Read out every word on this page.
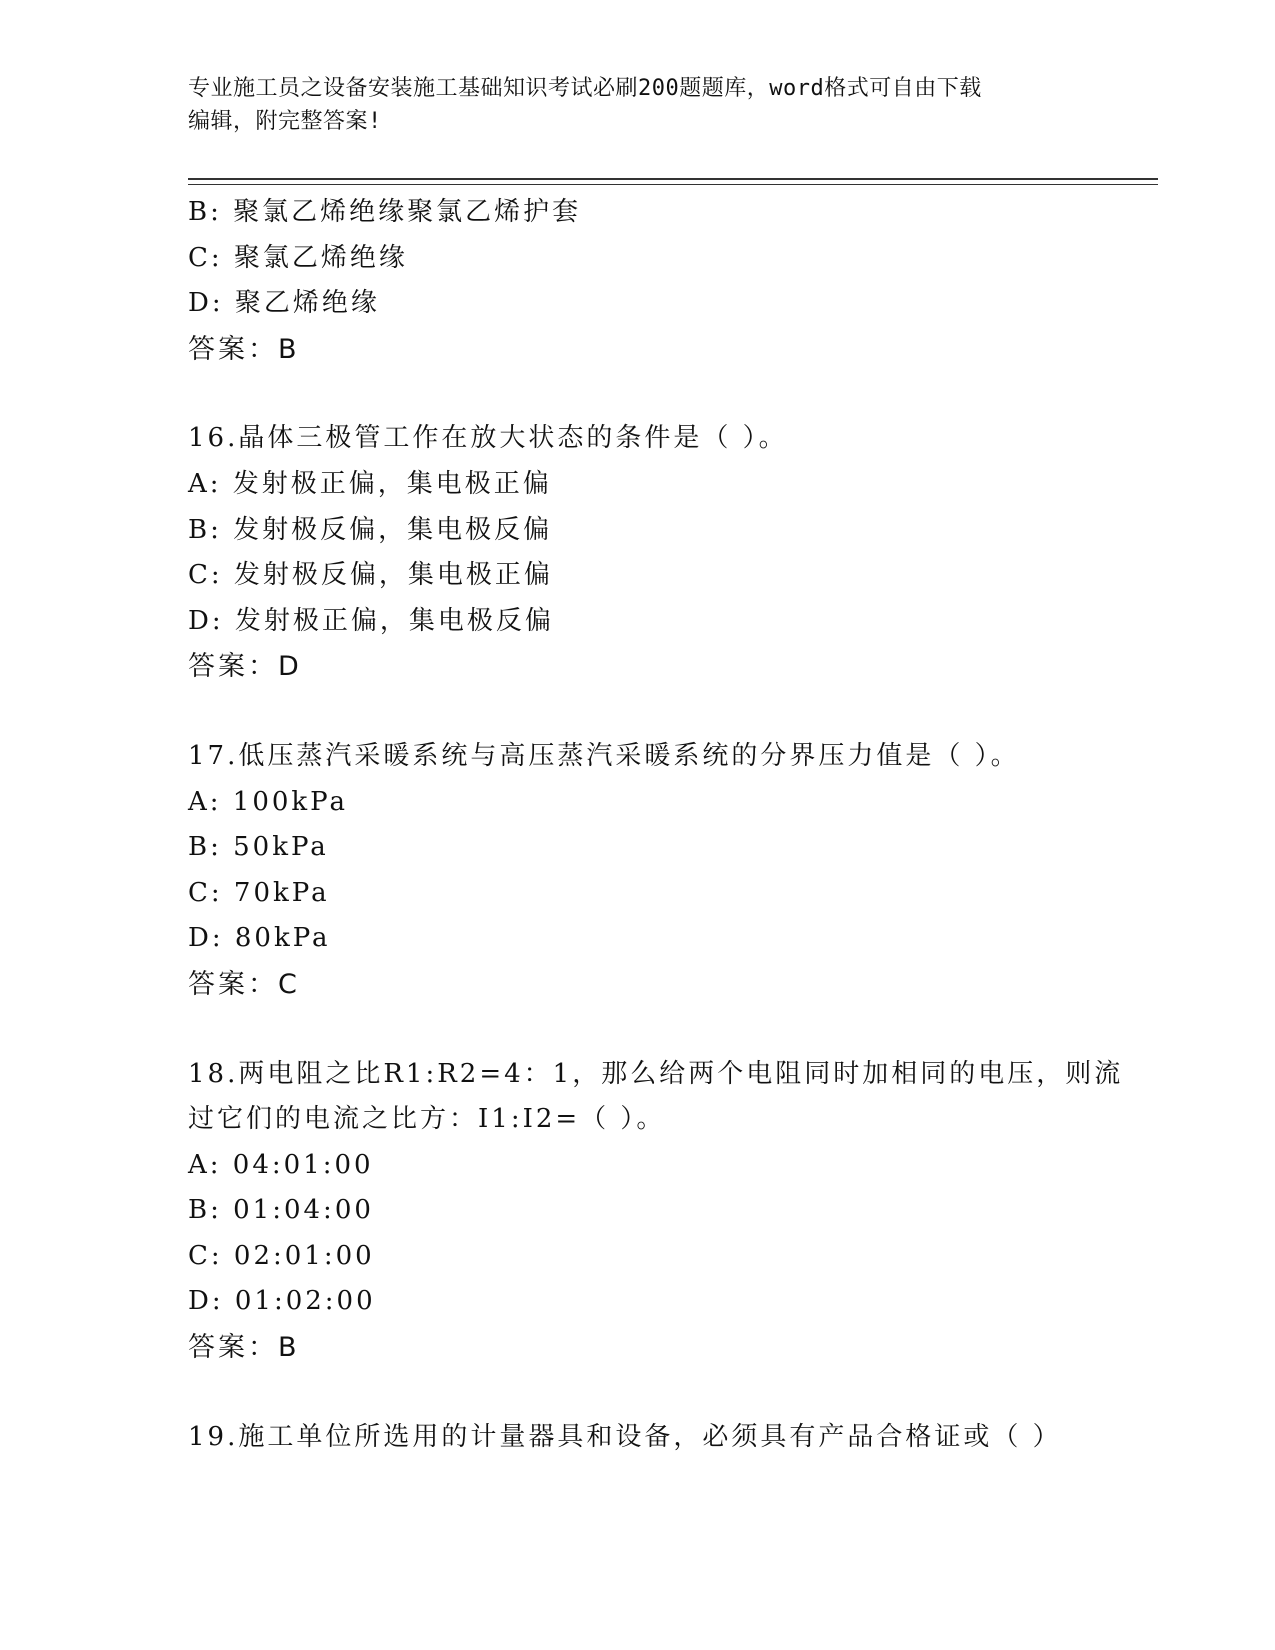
专业施工员之设备安装施工基础知识考试必刷200题题库，word格式可自由下载
编辑，附完整答案!
B: 聚氯乙烯绝缘聚氯乙烯护套
C: 聚氯乙烯绝缘
D: 聚乙烯绝缘
答案：B
16.晶体三极管工作在放大状态的条件是（ ）。
A: 发射极正偏，集电极正偏
B: 发射极反偏，集电极反偏
C: 发射极反偏，集电极正偏
D: 发射极正偏，集电极反偏
答案：D
17.低压蒸汽采暖系统与高压蒸汽采暖系统的分界压力值是（ ）。
A: 100kPa
B: 50kPa
C: 70kPa
D: 80kPa
答案：C
18.两电阻之比R1:R2=4：1，那么给两个电阻同时加相同的电压，则流
过它们的电流之比方：I1:I2=（ ）。
A: 04:01:00
B: 01:04:00
C: 02:01:00
D: 01:02:00
答案：B
19.施工单位所选用的计量器具和设备，必须具有产品合格证或（ ）
